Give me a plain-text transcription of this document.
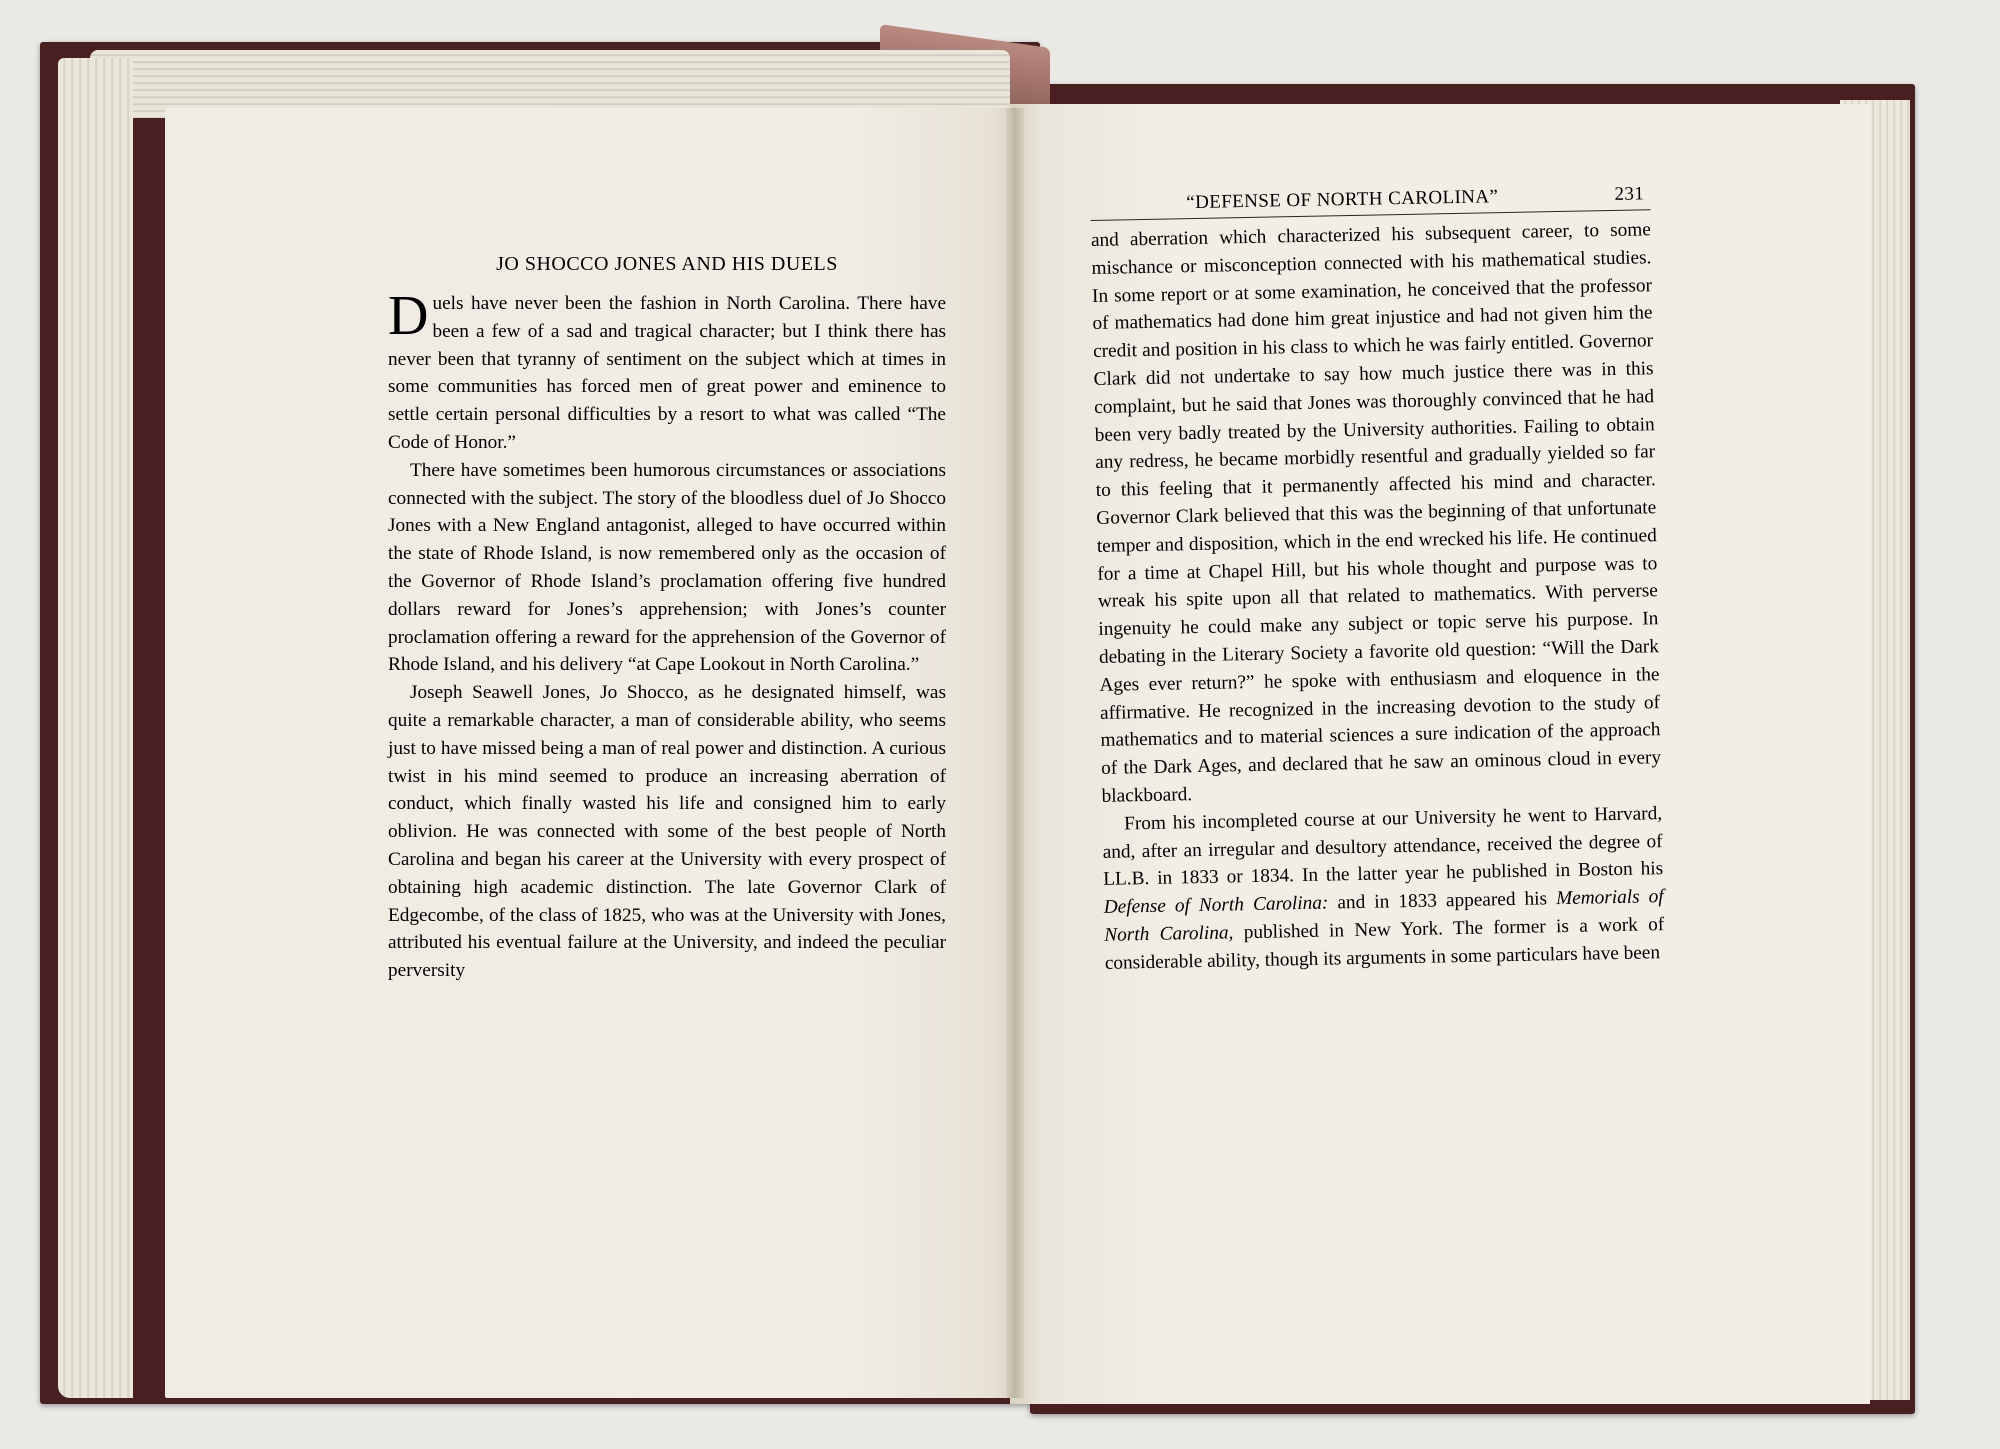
JO SHOCCO JONES AND HIS DUELS

Duels have never been the fashion in North Carolina. There have been a few of a sad and tragical character; but I think there has never been that tyranny of sentiment on the subject which at times in some communities has forced men of great power and eminence to settle certain personal difficulties by a resort to what was called “The Code of Honor.”

There have sometimes been humorous circumstances or associations connected with the subject. The story of the bloodless duel of Jo Shocco Jones with a New England antagonist, alleged to have occurred within the state of Rhode Island, is now remembered only as the occasion of the Governor of Rhode Island’s proclamation offering five hundred dollars reward for Jones’s apprehension; with Jones’s counter proclamation offering a reward for the apprehension of the Governor of Rhode Island, and his delivery “at Cape Lookout in North Carolina.”

Joseph Seawell Jones, Jo Shocco, as he designated himself, was quite a remarkable character, a man of considerable ability, who seems just to have missed being a man of real power and distinction. A curious twist in his mind seemed to produce an increasing aberration of conduct, which finally wasted his life and consigned him to early oblivion. He was connected with some of the best people of North Carolina and began his career at the University with every prospect of obtaining high academic distinction. The late Governor Clark of Edgecombe, of the class of 1825, who was at the University with Jones, attributed his eventual failure at the University, and indeed the peculiar perversity

“DEFENSE OF NORTH CAROLINA”	231

and aberration which characterized his subsequent career, to some mischance or misconception connected with his mathematical studies. In some report or at some examination, he conceived that the professor of mathematics had done him great injustice and had not given him the credit and position in his class to which he was fairly entitled. Governor Clark did not undertake to say how much justice there was in this complaint, but he said that Jones was thoroughly convinced that he had been very badly treated by the University authorities. Failing to obtain any redress, he became morbidly resentful and gradually yielded so far to this feeling that it permanently affected his mind and character. Governor Clark believed that this was the beginning of that unfortunate temper and disposition, which in the end wrecked his life. He continued for a time at Chapel Hill, but his whole thought and purpose was to wreak his spite upon all that related to mathematics. With perverse ingenuity he could make any subject or topic serve his purpose. In debating in the Literary Society a favorite old question: “Will the Dark Ages ever return?” he spoke with enthusiasm and eloquence in the affirmative. He recognized in the increasing devotion to the study of mathematics and to material sciences a sure indication of the approach of the Dark Ages, and declared that he saw an ominous cloud in every blackboard.

From his incompleted course at our University he went to Harvard, and, after an irregular and desultory attendance, received the degree of LL.B. in 1833 or 1834. In the latter year he published in Boston his Defense of North Carolina: and in 1833 appeared his Memorials of North Carolina, published in New York. The former is a work of considerable ability, though its arguments in some particulars have been
